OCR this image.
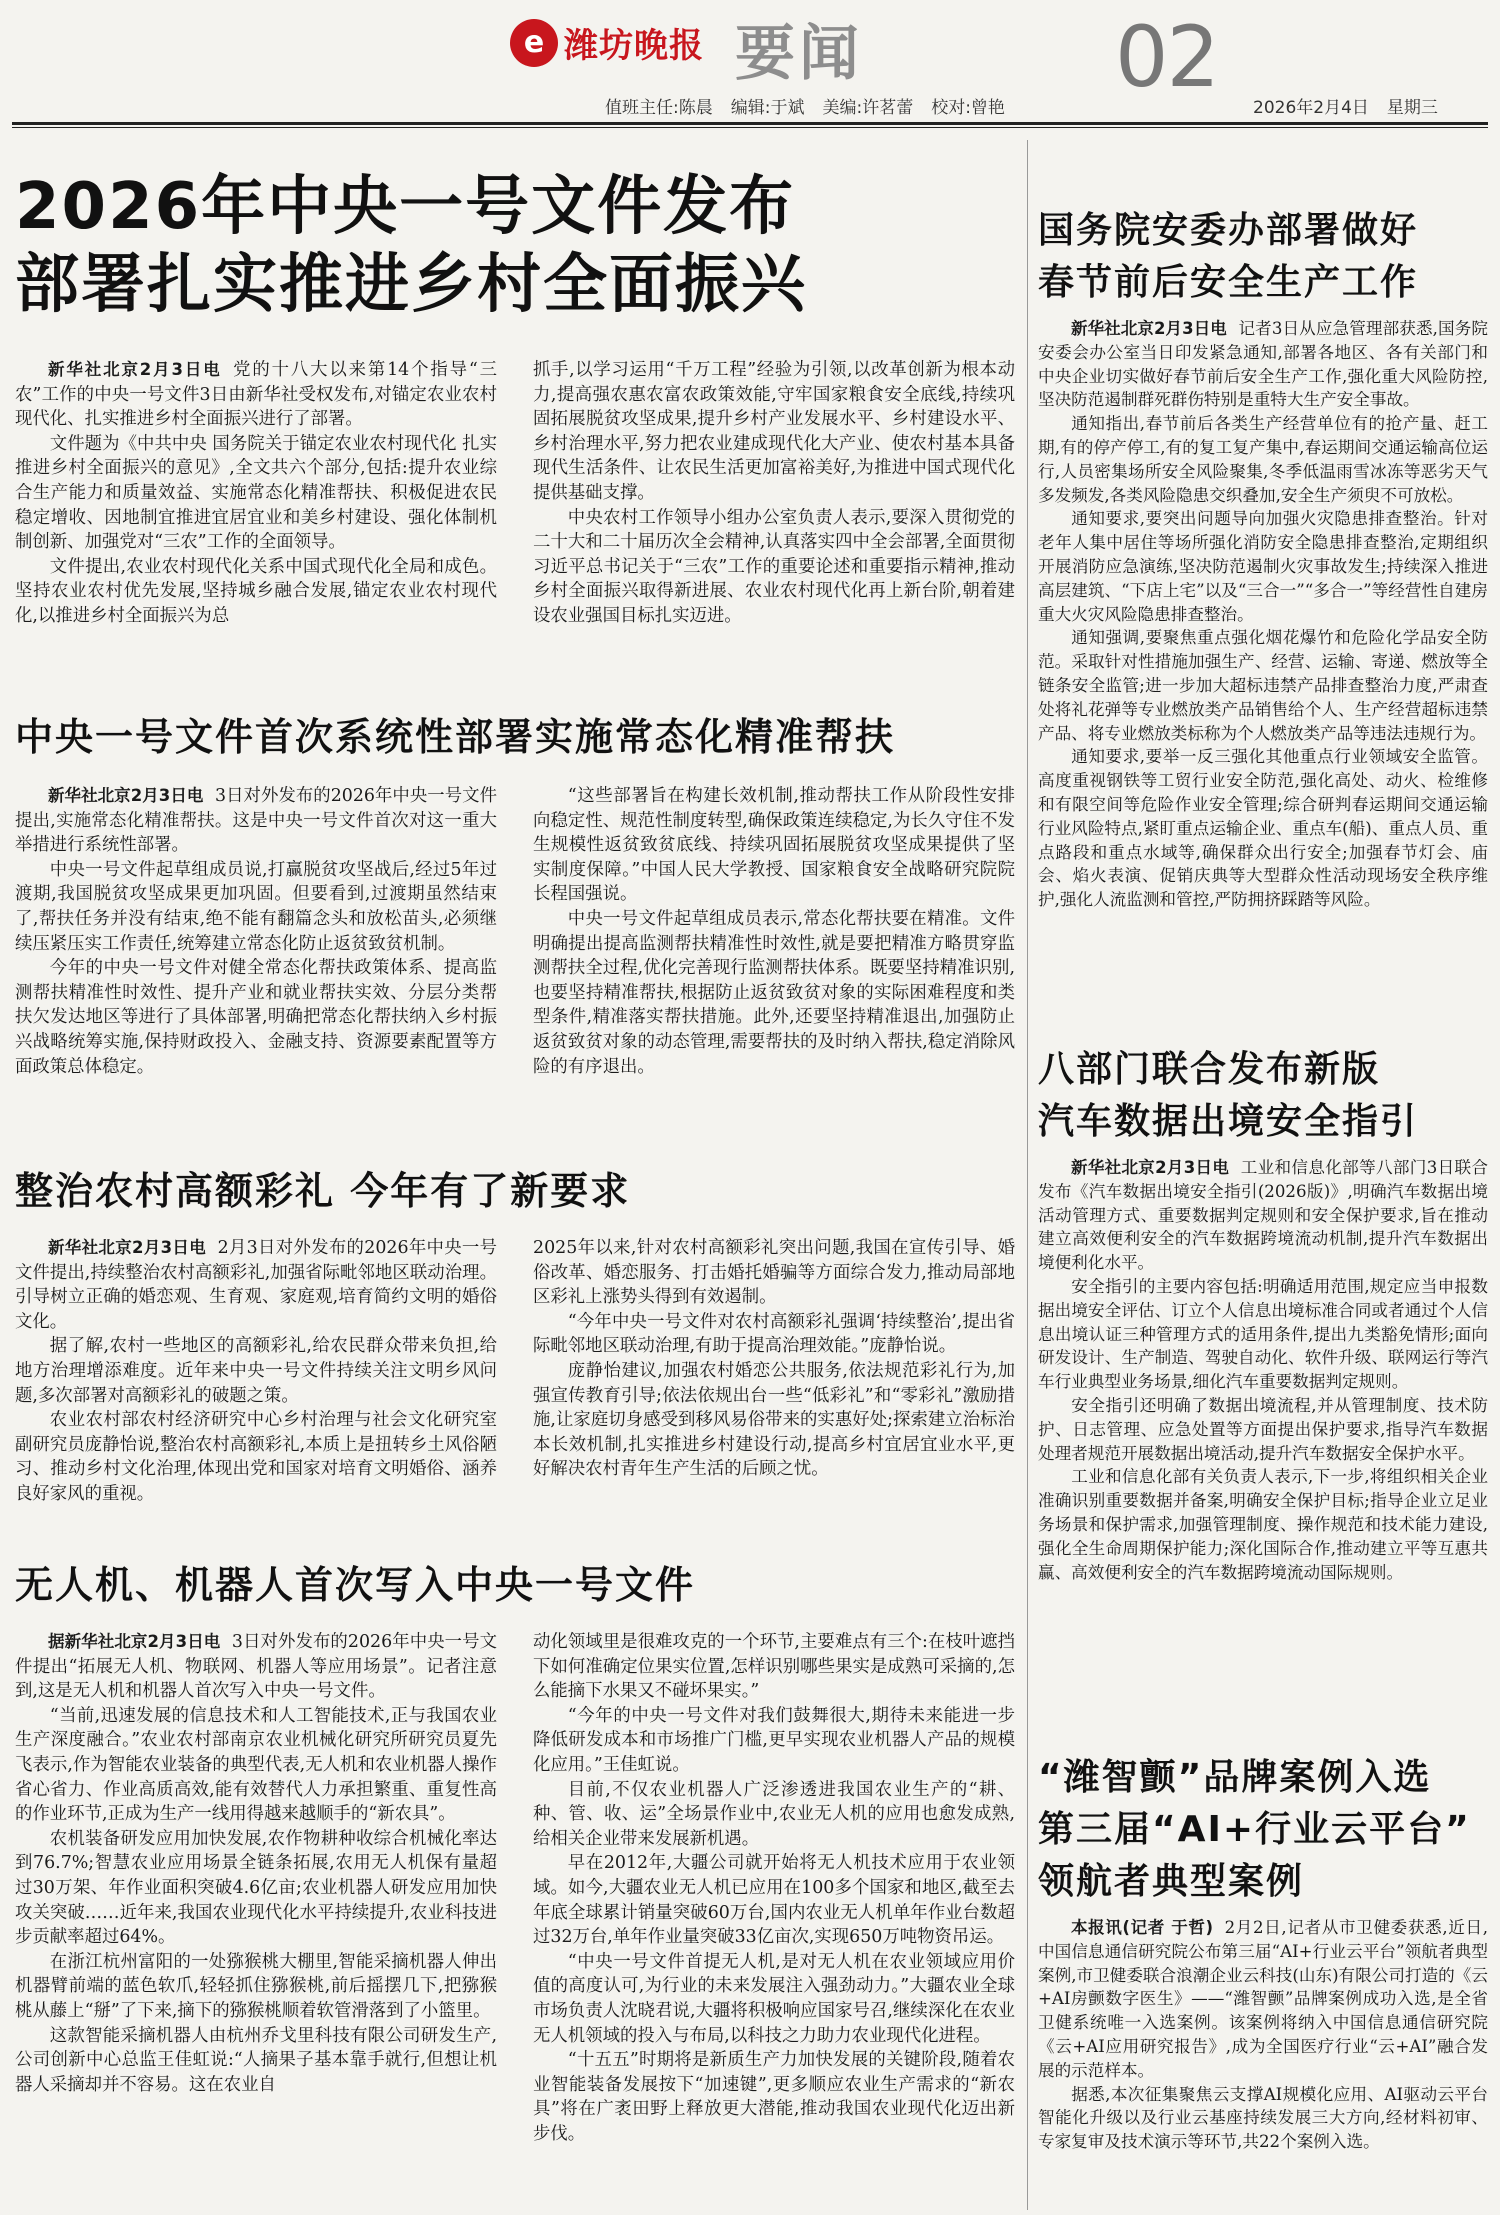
e 潍坊晚报 要闻	02
值班主任:陈晨 编辑:于斌 美编:许茗蕾 校对:曾艳	2026年2月4日 星期三
2026年中央一号文件发布
部署扎实推进乡村全面振兴

新华社北京2月3日电 党的十八大以来第14个指导“三农”工作的中央一号文件3日由新华社受权发布,对锚定农业农村现代化、扎实推进乡村全面振兴进行了部署。

文件题为《中共中央 国务院关于锚定农业农村现代化 扎实推进乡村全面振兴的意见》,全文共六个部分,包括:提升农业综合生产能力和质量效益、实施常态化精准帮扶、积极促进农民稳定增收、因地制宜推进宜居宜业和美乡村建设、强化体制机制创新、加强党对“三农”工作的全面领导。

文件提出,农业农村现代化关系中国式现代化全局和成色。坚持农业农村优先发展,坚持城乡融合发展,锚定农业农村现代化,以推进乡村全面振兴为总

抓手,以学习运用“千万工程”经验为引领,以改革创新为根本动力,提高强农惠农富农政策效能,守牢国家粮食安全底线,持续巩固拓展脱贫攻坚成果,提升乡村产业发展水平、乡村建设水平、乡村治理水平,努力把农业建成现代化大产业、使农村基本具备现代生活条件、让农民生活更加富裕美好,为推进中国式现代化提供基础支撑。

中央农村工作领导小组办公室负责人表示,要深入贯彻党的二十大和二十届历次全会精神,认真落实四中全会部署,全面贯彻习近平总书记关于“三农”工作的重要论述和重要指示精神,推动乡村全面振兴取得新进展、农业农村现代化再上新台阶,朝着建设农业强国目标扎实迈进。

中央一号文件首次系统性部署实施常态化精准帮扶

新华社北京2月3日电 3日对外发布的2026年中央一号文件提出,实施常态化精准帮扶。这是中央一号文件首次对这一重大举措进行系统性部署。

中央一号文件起草组成员说,打赢脱贫攻坚战后,经过5年过渡期,我国脱贫攻坚成果更加巩固。但要看到,过渡期虽然结束了,帮扶任务并没有结束,绝不能有翻篇念头和放松苗头,必须继续压紧压实工作责任,统筹建立常态化防止返贫致贫机制。

今年的中央一号文件对健全常态化帮扶政策体系、提高监测帮扶精准性时效性、提升产业和就业帮扶实效、分层分类帮扶欠发达地区等进行了具体部署,明确把常态化帮扶纳入乡村振兴战略统筹实施,保持财政投入、金融支持、资源要素配置等方面政策总体稳定。

“这些部署旨在构建长效机制,推动帮扶工作从阶段性安排向稳定性、规范性制度转型,确保政策连续稳定,为长久守住不发生规模性返贫致贫底线、持续巩固拓展脱贫攻坚成果提供了坚实制度保障。”中国人民大学教授、国家粮食安全战略研究院院长程国强说。

中央一号文件起草组成员表示,常态化帮扶要在精准。文件明确提出提高监测帮扶精准性时效性,就是要把精准方略贯穿监测帮扶全过程,优化完善现行监测帮扶体系。既要坚持精准识别,也要坚持精准帮扶,根据防止返贫致贫对象的实际困难程度和类型条件,精准落实帮扶措施。此外,还要坚持精准退出,加强防止返贫致贫对象的动态管理,需要帮扶的及时纳入帮扶,稳定消除风险的有序退出。

整治农村高额彩礼 今年有了新要求

新华社北京2月3日电 2月3日对外发布的2026年中央一号文件提出,持续整治农村高额彩礼,加强省际毗邻地区联动治理。引导树立正确的婚恋观、生育观、家庭观,培育简约文明的婚俗文化。

据了解,农村一些地区的高额彩礼,给农民群众带来负担,给地方治理增添难度。近年来中央一号文件持续关注文明乡风问题,多次部署对高额彩礼的破题之策。

农业农村部农村经济研究中心乡村治理与社会文化研究室副研究员庞静怡说,整治农村高额彩礼,本质上是扭转乡土风俗陋习、推动乡村文化治理,体现出党和国家对培育文明婚俗、涵养良好家风的重视。

2025年以来,针对农村高额彩礼突出问题,我国在宣传引导、婚俗改革、婚恋服务、打击婚托婚骗等方面综合发力,推动局部地区彩礼上涨势头得到有效遏制。

“今年中央一号文件对农村高额彩礼强调‘持续整治’,提出省际毗邻地区联动治理,有助于提高治理效能。”庞静怡说。

庞静怡建议,加强农村婚恋公共服务,依法规范彩礼行为,加强宣传教育引导;依法依规出台一些“低彩礼”和“零彩礼”激励措施,让家庭切身感受到移风易俗带来的实惠好处;探索建立治标治本长效机制,扎实推进乡村建设行动,提高乡村宜居宜业水平,更好解决农村青年生产生活的后顾之忧。

无人机、机器人首次写入中央一号文件

据新华社北京2月3日电 3日对外发布的2026年中央一号文件提出“拓展无人机、物联网、机器人等应用场景”。记者注意到,这是无人机和机器人首次写入中央一号文件。

“当前,迅速发展的信息技术和人工智能技术,正与我国农业生产深度融合。”农业农村部南京农业机械化研究所研究员夏先飞表示,作为智能农业装备的典型代表,无人机和农业机器人操作省心省力、作业高质高效,能有效替代人力承担繁重、重复性高的作业环节,正成为生产一线用得越来越顺手的“新农具”。

农机装备研发应用加快发展,农作物耕种收综合机械化率达到76.7%;智慧农业应用场景全链条拓展,农用无人机保有量超过30万架、年作业面积突破4.6亿亩;农业机器人研发应用加快攻关突破……近年来,我国农业现代化水平持续提升,农业科技进步贡献率超过64%。

在浙江杭州富阳的一处猕猴桃大棚里,智能采摘机器人伸出机器臂前端的蓝色软爪,轻轻抓住猕猴桃,前后摇摆几下,把猕猴桃从藤上“掰”了下来,摘下的猕猴桃顺着软管滑落到了小篮里。

这款智能采摘机器人由杭州乔戈里科技有限公司研发生产,公司创新中心总监王佳虹说:“人摘果子基本靠手就行,但想让机器人采摘却并不容易。这在农业自

动化领域里是很难攻克的一个环节,主要难点有三个:在枝叶遮挡下如何准确定位果实位置,怎样识别哪些果实是成熟可采摘的,怎么能摘下水果又不碰坏果实。”

“今年的中央一号文件对我们鼓舞很大,期待未来能进一步降低研发成本和市场推广门槛,更早实现农业机器人产品的规模化应用。”王佳虹说。

目前,不仅农业机器人广泛渗透进我国农业生产的“耕、种、管、收、运”全场景作业中,农业无人机的应用也愈发成熟,给相关企业带来发展新机遇。

早在2012年,大疆公司就开始将无人机技术应用于农业领域。如今,大疆农业无人机已应用在100多个国家和地区,截至去年底全球累计销量突破60万台,国内农业无人机单年作业台数超过32万台,单年作业量突破33亿亩次,实现650万吨物资吊运。

“中央一号文件首提无人机,是对无人机在农业领域应用价值的高度认可,为行业的未来发展注入强劲动力。”大疆农业全球市场负责人沈晓君说,大疆将积极响应国家号召,继续深化在农业无人机领域的投入与布局,以科技之力助力农业现代化进程。

“十五五”时期将是新质生产力加快发展的关键阶段,随着农业智能装备发展按下“加速键”,更多顺应农业生产需求的“新农具”将在广袤田野上释放更大潜能,推动我国农业现代化迈出新步伐。

国务院安委办部署做好
春节前后安全生产工作

新华社北京2月3日电 记者3日从应急管理部获悉,国务院安委会办公室当日印发紧急通知,部署各地区、各有关部门和中央企业切实做好春节前后安全生产工作,强化重大风险防控,坚决防范遏制群死群伤特别是重特大生产安全事故。

通知指出,春节前后各类生产经营单位有的抢产量、赶工期,有的停产停工,有的复工复产集中,春运期间交通运输高位运行,人员密集场所安全风险聚集,冬季低温雨雪冰冻等恶劣天气多发频发,各类风险隐患交织叠加,安全生产须臾不可放松。

通知要求,要突出问题导向加强火灾隐患排查整治。针对老年人集中居住等场所强化消防安全隐患排查整治,定期组织开展消防应急演练,坚决防范遏制火灾事故发生;持续深入推进高层建筑、“下店上宅”以及“三合一”“多合一”等经营性自建房重大火灾风险隐患排查整治。

通知强调,要聚焦重点强化烟花爆竹和危险化学品安全防范。采取针对性措施加强生产、经营、运输、寄递、燃放等全链条安全监管;进一步加大超标违禁产品排查整治力度,严肃查处将礼花弹等专业燃放类产品销售给个人、生产经营超标违禁产品、将专业燃放类标称为个人燃放类产品等违法违规行为。

通知要求,要举一反三强化其他重点行业领域安全监管。高度重视钢铁等工贸行业安全防范,强化高处、动火、检维修和有限空间等危险作业安全管理;综合研判春运期间交通运输行业风险特点,紧盯重点运输企业、重点车(船)、重点人员、重点路段和重点水域等,确保群众出行安全;加强春节灯会、庙会、焰火表演、促销庆典等大型群众性活动现场安全秩序维护,强化人流监测和管控,严防拥挤踩踏等风险。

八部门联合发布新版
汽车数据出境安全指引

新华社北京2月3日电 工业和信息化部等八部门3日联合发布《汽车数据出境安全指引(2026版)》,明确汽车数据出境活动管理方式、重要数据判定规则和安全保护要求,旨在推动建立高效便利安全的汽车数据跨境流动机制,提升汽车数据出境便利化水平。

安全指引的主要内容包括:明确适用范围,规定应当申报数据出境安全评估、订立个人信息出境标准合同或者通过个人信息出境认证三种管理方式的适用条件,提出九类豁免情形;面向研发设计、生产制造、驾驶自动化、软件升级、联网运行等汽车行业典型业务场景,细化汽车重要数据判定规则。

安全指引还明确了数据出境流程,并从管理制度、技术防护、日志管理、应急处置等方面提出保护要求,指导汽车数据处理者规范开展数据出境活动,提升汽车数据安全保护水平。

工业和信息化部有关负责人表示,下一步,将组织相关企业准确识别重要数据并备案,明确安全保护目标;指导企业立足业务场景和保护需求,加强管理制度、操作规范和技术能力建设,强化全生命周期保护能力;深化国际合作,推动建立平等互惠共赢、高效便利安全的汽车数据跨境流动国际规则。

“潍智颤”品牌案例入选
第三届“AI+行业云平台”
领航者典型案例

本报讯(记者 于哲) 2月2日,记者从市卫健委获悉,近日,中国信息通信研究院公布第三届“AI+行业云平台”领航者典型案例,市卫健委联合浪潮企业云科技(山东)有限公司打造的《云+AI房颤数字医生》——“潍智颤”品牌案例成功入选,是全省卫健系统唯一入选案例。该案例将纳入中国信息通信研究院《云+AI应用研究报告》,成为全国医疗行业“云+AI”融合发展的示范样本。

据悉,本次征集聚焦云支撑AI规模化应用、AI驱动云平台智能化升级以及行业云基座持续发展三大方向,经材料初审、专家复审及技术演示等环节,共22个案例入选。
